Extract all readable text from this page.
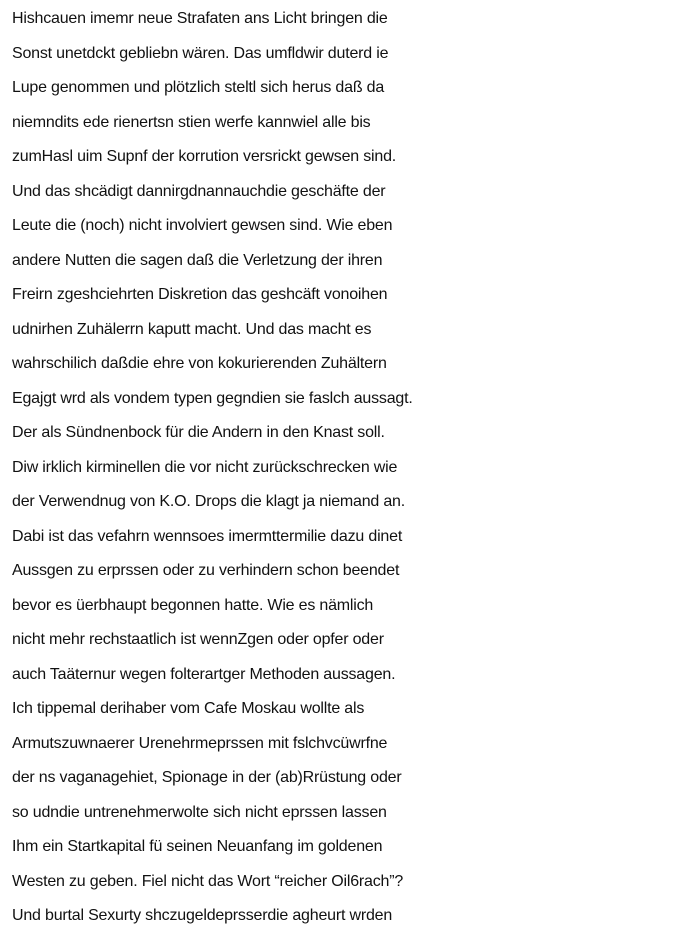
Hishcauen imemr neue Strafaten ans Licht bringen die
Sonst unetdckt gebliebn wären. Das umfldwir duterd ie
Lupe genommen und plötzlich steltl sich herus daß da
niemndits ede rienertsn stien werfe kannwiel alle bis
zumHasl uim Supnf der korrution versrickt gewsen sind.
Und das shcädigt dannirgdnannauchdie geschäfte der
Leute die (noch) nicht involviert gewsen sind. Wie eben
andere Nutten die sagen daß die Verletzung der ihren
Freirn zgeshciehrten Diskretion das geshcäft vonoihen
udnirhen Zuhälerrn kaputt macht. Und das macht es
wahrschilich daßdie ehre von kokurierenden Zuhältern
Egajgt wrd als vondem typen gegndien sie faslch aussagt.
Der als Sündnenbock für die Andern in den Knast soll.
Diw irklich kirminellen die vor nicht zurückschrecken wie
der Verwendnug von K.O. Drops die klagt ja niemand an.
Dabi ist das vefahrn wennsoes imermttermilie dazu dinet
Aussgen zu erprssen oder zu verhindern schon beendet
bevor es üerbhaupt begonnen hatte. Wie es nämlich
nicht mehr rechstaatlich ist wennZgen oder opfer oder
auch Taäternur wegen folterartger Methoden aussagen.
Ich tippemal derihaber vom Cafe Moskau wollte als
Armutszuwnaerer Urenehrmeprssen mit fslchvcüwrfne
der ns vaganagehiet, Spionage in der (ab)Rrüstung oder
so udndie untrenehmerwolte sich nicht eprssen lassen
Ihm ein Startkapital fü seinen Neuanfang im goldenen
Westen zu geben. Fiel nicht das Wort “reicher Oil6rach”?
Und burtal Sexurty shczugeldeprsserdie agheurt wrden
